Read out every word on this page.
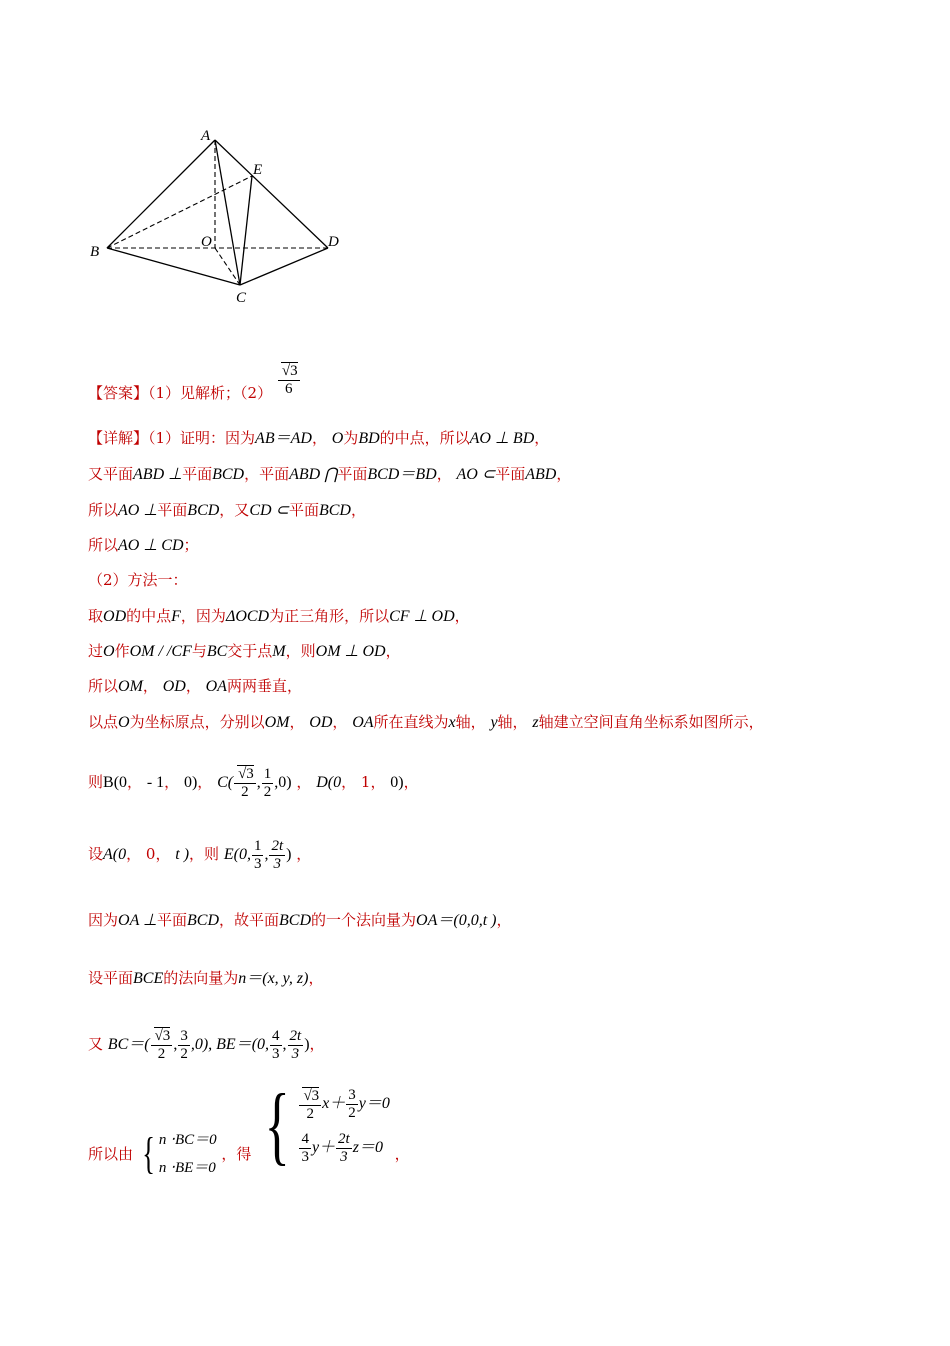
A
E
O	D
B
C
【答案】（1）见解析；$(2) \frac{√3}{6}$
【详解】（1）证明：因为AB＝AD， O为BD的中点，所以AO ⊥ BD，
又平面ABD ⊥平面BCD，平面ABD ⋂平面BCD＝BD， AO ⊂平面ABD，
所以AO ⊥平面BCD，又CD ⊂平面BCD，
所以AO ⊥ CD；
（2）方法一：
取OD的中点F，因为ΔOCD为正三角形，所以CF ⊥ OD，
过O作OM / /CF与BC交于点M，则OM ⊥ OD，
所以OM， OD， OA两两垂直，
以点O为坐标原点，分别以OM， OD， OA所在直线为x轴， y轴， z轴建立空间直角坐标系如图所示，
则B(0， - 1， 0)， $C( \frac{√3}{2}$ , $\frac{1}{2} ,0$) ， D(0， 1， 0)，
设A(0， 0， t )，则 E(0, $\frac{1}{3}$ , $\frac{2t}{3}$ ) ，
因为OA ⊥平面BCD，故平面BCD的一个法向量为OA＝(0,0,t )，
设平面BCE的法向量为n＝(x, y, z)，
又 $BC=( \frac{√3}{2}$ , $\frac{3}{2} ,0$), BE＝(0, $\frac{4}{3}$ , $\frac{2t}{3}$ )，
所以由 { n ⋅BC＝0
n ⋅BE＝0
，得 { $\frac{√3}{2} x+ \frac{3}{2} y=0$
$\frac{4}{3} y+ \frac{2t}{3} z=0$ ，
